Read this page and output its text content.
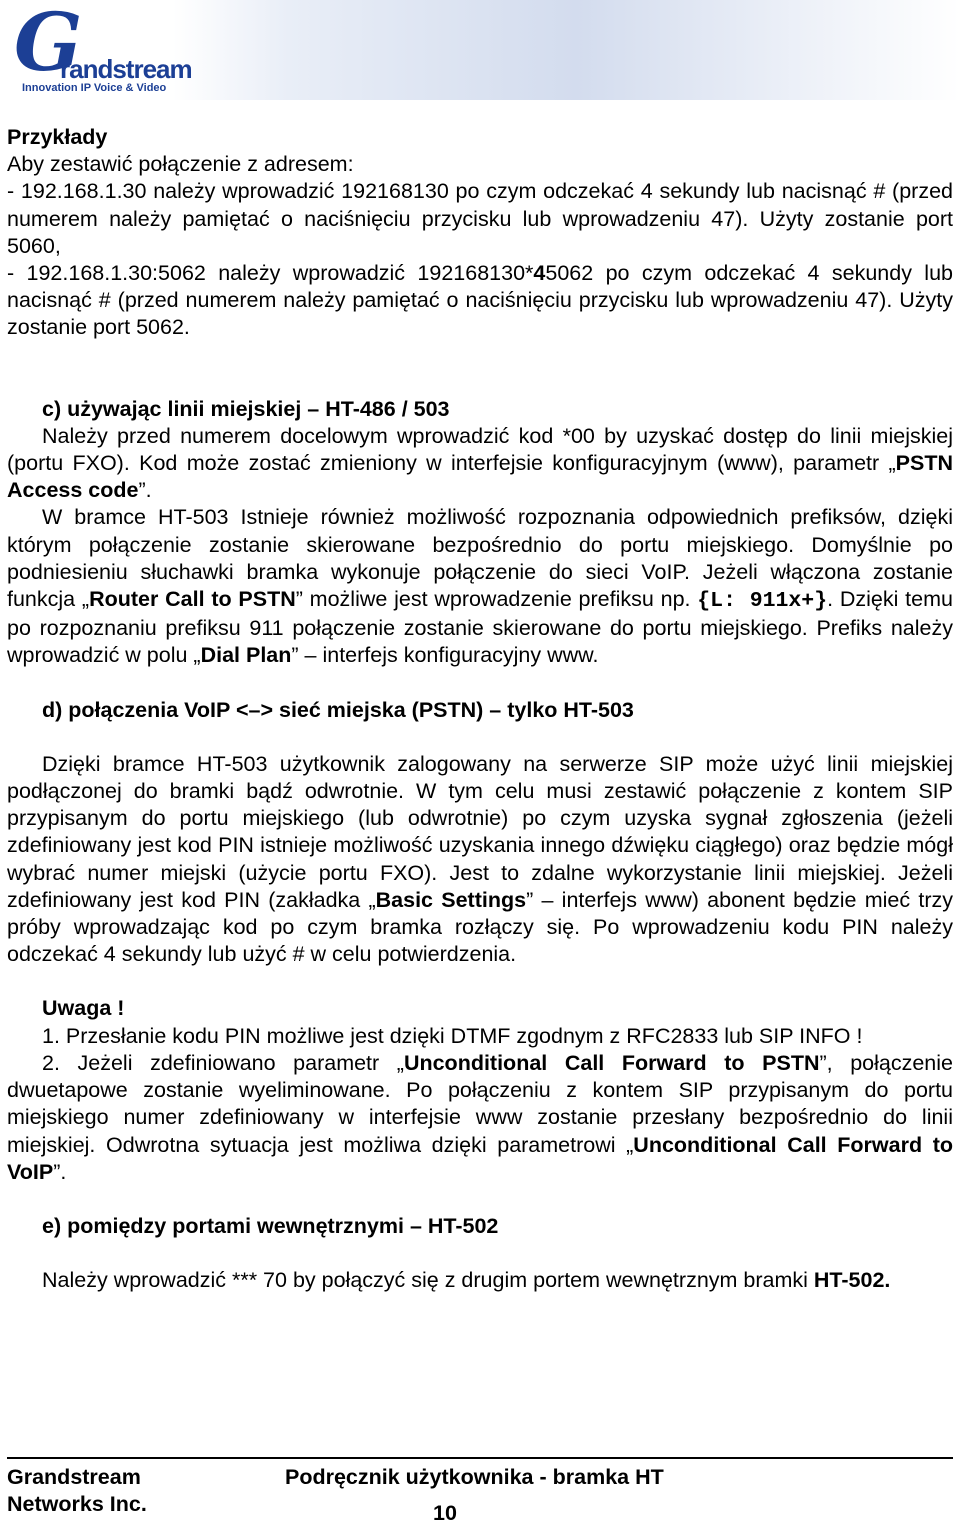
G
randstream
Innovation IP Voice & Video

Przykłady

Aby zestawić połączenie z adresem:

- 192.168.1.30 należy wprowadzić 192168130 po czym odczekać 4 sekundy lub nacisnąć # (przed numerem należy pamiętać o naciśnięciu przycisku lub wprowadzeniu 47). Użyty zostanie port 5060,

- 192.168.1.30:5062 należy wprowadzić 192168130*45062 po czym odczekać 4 sekundy lub nacisnąć # (przed numerem należy pamiętać o naciśnięciu przycisku lub wprowadzeniu 47). Użyty zostanie port 5062.

c) używając linii miejskiej – HT-486 / 503

Należy przed numerem docelowym wprowadzić kod *00 by uzyskać dostęp do linii miejskiej (portu FXO). Kod może zostać zmieniony w interfejsie konfiguracyjnym (www), parametr „PSTN Access code”.

W bramce HT-503 Istnieje również możliwość rozpoznania odpowiednich prefiksów, dzięki którym połączenie zostanie skierowane bezpośrednio do portu miejskiego. Domyślnie po podniesieniu słuchawki bramka wykonuje połączenie do sieci VoIP. Jeżeli włączona zostanie funkcja „Router Call to PSTN” możliwe jest wprowadzenie prefiksu np. {L: 911x+}. Dzięki temu po rozpoznaniu prefiksu 911 połączenie zostanie skierowane do portu miejskiego. Prefiks należy wprowadzić w polu „Dial Plan” – interfejs konfiguracyjny www.

d) połączenia VoIP <–> sieć miejska (PSTN) – tylko HT-503

Dzięki bramce HT-503 użytkownik zalogowany na serwerze SIP może użyć linii miejskiej podłączonej do bramki bądź odwrotnie. W tym celu musi zestawić połączenie z kontem SIP przypisanym do portu miejskiego (lub odwrotnie) po czym uzyska sygnał zgłoszenia (jeżeli zdefiniowany jest kod PIN istnieje możliwość uzyskania innego dźwięku ciągłego) oraz będzie mógł wybrać numer miejski (użycie portu FXO). Jest to zdalne wykorzystanie linii miejskiej. Jeżeli zdefiniowany jest kod PIN (zakładka „Basic Settings” – interfejs www) abonent będzie mieć trzy próby wprowadzając kod po czym bramka rozłączy się. Po wprowadzeniu kodu PIN należy odczekać 4 sekundy lub użyć # w celu potwierdzenia.

Uwaga !

1. Przesłanie kodu PIN możliwe jest dzięki DTMF zgodnym z RFC2833 lub SIP INFO !

2. Jeżeli zdefiniowano parametr „Unconditional Call Forward to PSTN”, połączenie dwuetapowe zostanie wyeliminowane. Po połączeniu z kontem SIP przypisanym do portu miejskiego numer zdefiniowany w interfejsie www zostanie przesłany bezpośrednio do linii miejskiej. Odwrotna sytuacja jest możliwa dzięki parametrowi „Unconditional Call Forward to VoIP”.

e) pomiędzy portami wewnętrznymi – HT-502

Należy wprowadzić *** 70 by połączyć się z drugim portem wewnętrznym bramki HT-502.

Grandstream
Networks Inc.
Podręcznik użytkownika - bramka HT
10
